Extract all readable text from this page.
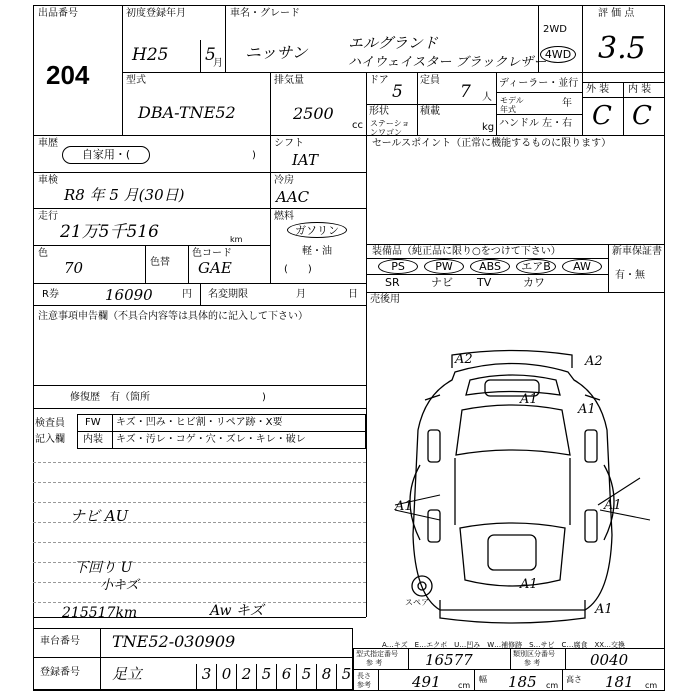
出品番号
204
初度登録年月
H25 5
月
車名・グレード
ニッサン	エルグランド
ハイウェイスター ブラックレザー
2WD
4WD
評 価 点
3.5
型式
DBA-TNE52
排気量
2500
cc
ドア
5
定員
7 人
形状
ステーションワゴン
積載
kg
ディーラー・並行
モデル年式
年
ハンドル 左・右
外 装 内 装
C C
車歴
自家用・(	)
シフト
IAT
セールスポイント（正常に機能するものに限ります）
車検
R8 年 5 月(30日)
冷房
AAC
走行
21万5千516	km
燃料
ガソリン
軽・油
色
70	色替
色コード
GAE	(　　)
R券	16090	円 名変期限	月	日
装備品（純正品に限り○をつけて下さい）	新車保証書
有・無
PS	PW	ABS	エアB	AW
SR	ナビ TV	カワ
売後用
注意事項申告欄（不具合内容等は具体的に記入して下さい）
修復歴　有（箇所	)
検査員
記入欄
FW キズ・凹み・ヒビ割・リペア跡・X要
内装 キズ・汚レ・コゲ・穴・ズレ・キレ・破レ
ナビ AU
下回り U
小キズ
215517km	Aw キズ
A2	A2
A1
A1
A1	A1
A1
A1
スペア
A…キズ　E…エクボ　U…凹み　W…補修跡　S…サビ　C…腐食　XX…交換
車台番号 TNE52-030909
登録番号 足立	3 0 2 5 6 5 8 5
型式指定番号
参 考	16577	類別区分番号
参 考	0040
長さ
参考	491 cm
幅 185 cm
高さ 181 cm
